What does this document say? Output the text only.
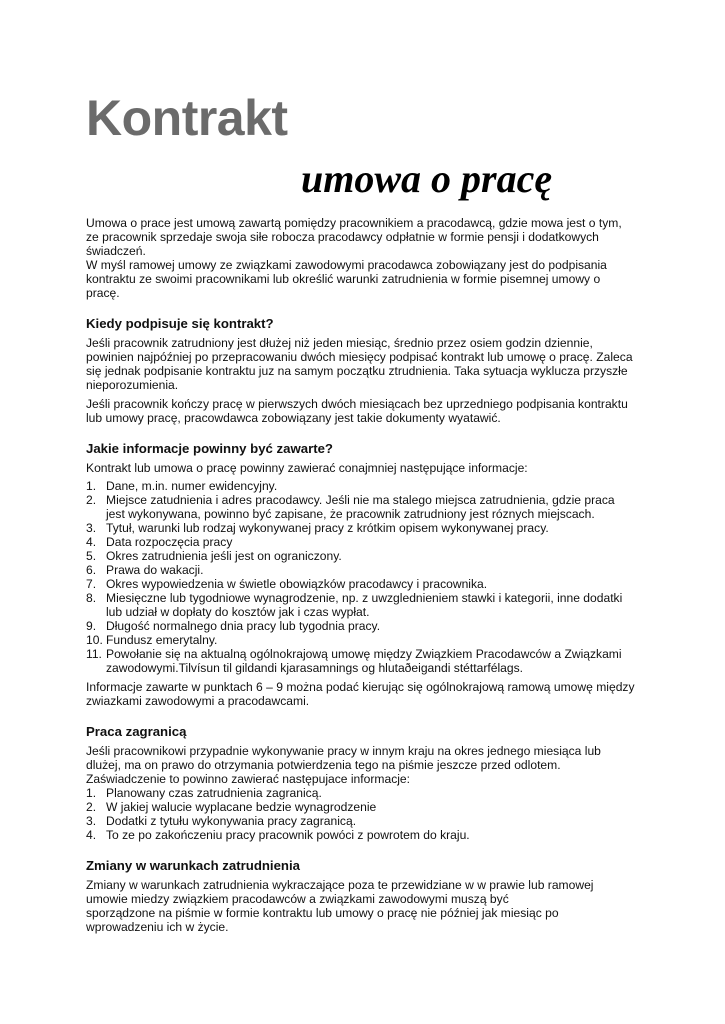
Kontrakt
umowa o pracę
Umowa o prace jest umową zawartą pomiędzy pracownikiem a pracodawcą, gdzie mowa jest o tym,
ze pracownik sprzedaje swoja siłe robocza pracodawcy odpłatnie w formie pensji i dodatkowych
świadczeń.
W myśl ramowej umowy ze związkami zawodowymi pracodawca zobowiązany jest do podpisania
kontraktu ze swoimi pracownikami lub określić warunki zatrudnienia w formie pisemnej umowy o
pracę.
Kiedy podpisuje się kontrakt?
Jeśli pracownik zatrudniony jest dłużej niż jeden miesiąc, średnio przez osiem godzin dziennie,
powinien najpóźniej po przepracowaniu dwóch miesięcy podpisać kontrakt lub umowę o pracę. Zaleca
się jednak podpisanie kontraktu juz na samym początku ztrudnienia. Taka sytuacja wyklucza przyszłe
nieporozumienia.
Jeśli pracownik kończy pracę w pierwszych dwóch miesiącach bez uprzedniego podpisania kontraktu
lub umowy pracę, pracowdawca zobowiązany jest takie dokumenty wyatawić.
Jakie informacje powinny być zawarte?
Kontrakt lub umowa o pracę powinny zawierać conajmniej następujące informacje:
1. Dane, m.in. numer ewidencyjny.
2. Miejsce zatudnienia i adres pracodawcy. Jeśli nie ma stalego miejsca zatrudnienia, gdzie praca
jest wykonywana, powinno być zapisane, że pracownik zatrudniony jest róznych miejscach.
3. Tytuł, warunki lub rodzaj wykonywanej pracy z krótkim opisem wykonywanej pracy.
4. Data rozpoczęcia pracy
5. Okres zatrudnienia jeśli jest on ograniczony.
6. Prawa do wakacji.
7. Okres wypowiedzenia w świetle obowiązków pracodawcy i pracownika.
8. Miesięczne lub tygodniowe wynagrodzenie, np. z uwzglednieniem stawki i kategorii, inne dodatki
lub udział w dopłaty do kosztów jak i czas wypłat.
9. Długość normalnego dnia pracy lub tygodnia pracy.
10. Fundusz emerytalny.
11. Powołanie się na aktualną ogólnokrajową umowę między Związkiem Pracodawców a Związkami
zawodowymi.Tilvísun til gildandi kjarasamnings og hlutaðeigandi stéttarfélags.
Informacje zawarte w punktach 6 – 9 można podać kierując się ogólnokrajową ramową umowę między
zwiazkami zawodowymi a pracodawcami.
Praca zagranicą
Jeśli pracownikowi przypadnie wykonywanie pracy w innym kraju na okres jednego miesiąca lub
dlużej, ma on prawo do otrzymania potwierdzenia tego na piśmie jeszcze przed odlotem.
Zaświadczenie to powinno zawierać następujace informacje:
1. Planowany czas zatrudnienia zagranicą.
2. W jakiej walucie wyplacane bedzie wynagrodzenie
3. Dodatki z tytułu wykonywania pracy zagranicą.
4. To ze po zakończeniu pracy pracownik powóci z powrotem do kraju.
Zmiany w warunkach zatrudnienia
Zmiany w warunkach zatrudnienia wykraczające poza te przewidziane w w prawie lub ramowej
umowie miedzy związkiem pracodawców a związkami zawodowymi muszą być
sporządzone na piśmie w formie kontraktu lub umowy o pracę nie później jak miesiąc po
wprowadzeniu ich w życie.
